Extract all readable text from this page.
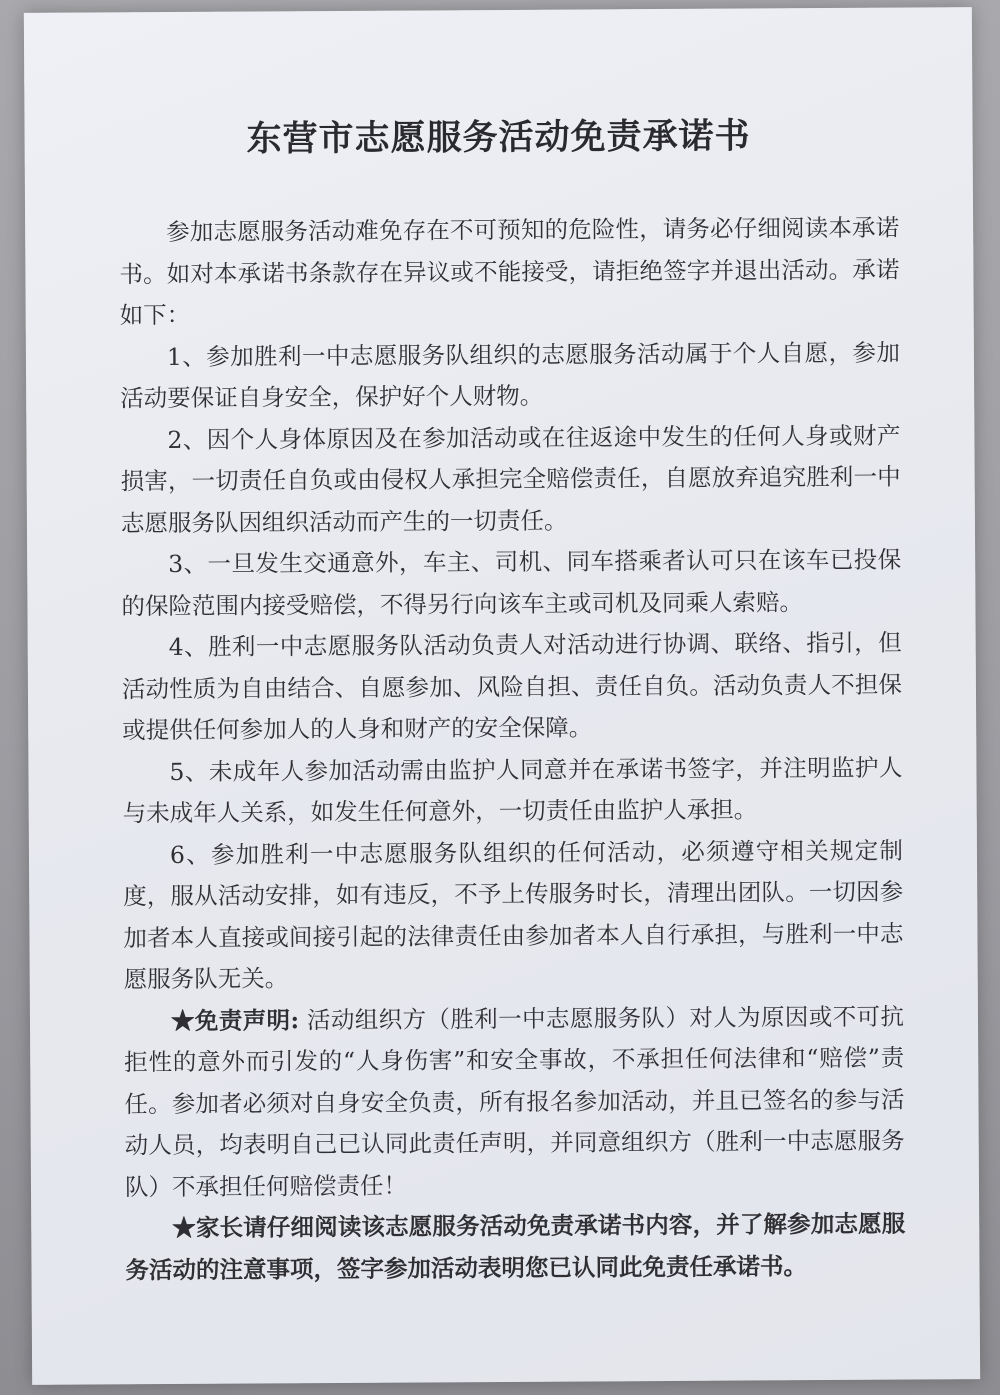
东营市志愿服务活动免责承诺书

参加志愿服务活动难免存在不可预知的危险性，请务必仔细阅读本承诺书。如对本承诺书条款存在异议或不能接受，请拒绝签字并退出活动。承诺如下：

1、参加胜利一中志愿服务队组织的志愿服务活动属于个人自愿，参加活动要保证自身安全，保护好个人财物。

2、因个人身体原因及在参加活动或在往返途中发生的任何人身或财产损害，一切责任自负或由侵权人承担完全赔偿责任，自愿放弃追究胜利一中志愿服务队因组织活动而产生的一切责任。

3、一旦发生交通意外，车主、司机、同车搭乘者认可只在该车已投保的保险范围内接受赔偿，不得另行向该车主或司机及同乘人索赔。

4、胜利一中志愿服务队活动负责人对活动进行协调、联络、指引，但活动性质为自由结合、自愿参加、风险自担、责任自负。活动负责人不担保或提供任何参加人的人身和财产的安全保障。

5、未成年人参加活动需由监护人同意并在承诺书签字，并注明监护人与未成年人关系，如发生任何意外，一切责任由监护人承担。

6、参加胜利一中志愿服务队组织的任何活动，必须遵守相关规定制度，服从活动安排，如有违反，不予上传服务时长，清理出团队。一切因参加者本人直接或间接引起的法律责任由参加者本人自行承担，与胜利一中志愿服务队无关。

★免责声明: 活动组织方（胜利一中志愿服务队）对人为原因或不可抗拒性的意外而引发的“人身伤害”和安全事故，不承担任何法律和“赔偿”责任。参加者必须对自身安全负责，所有报名参加活动，并且已签名的参与活动人员，均表明自己已认同此责任声明，并同意组织方（胜利一中志愿服务队）不承担任何赔偿责任！

★家长请仔细阅读该志愿服务活动免责承诺书内容，并了解参加志愿服务活动的注意事项，签字参加活动表明您已认同此免责任承诺书。
